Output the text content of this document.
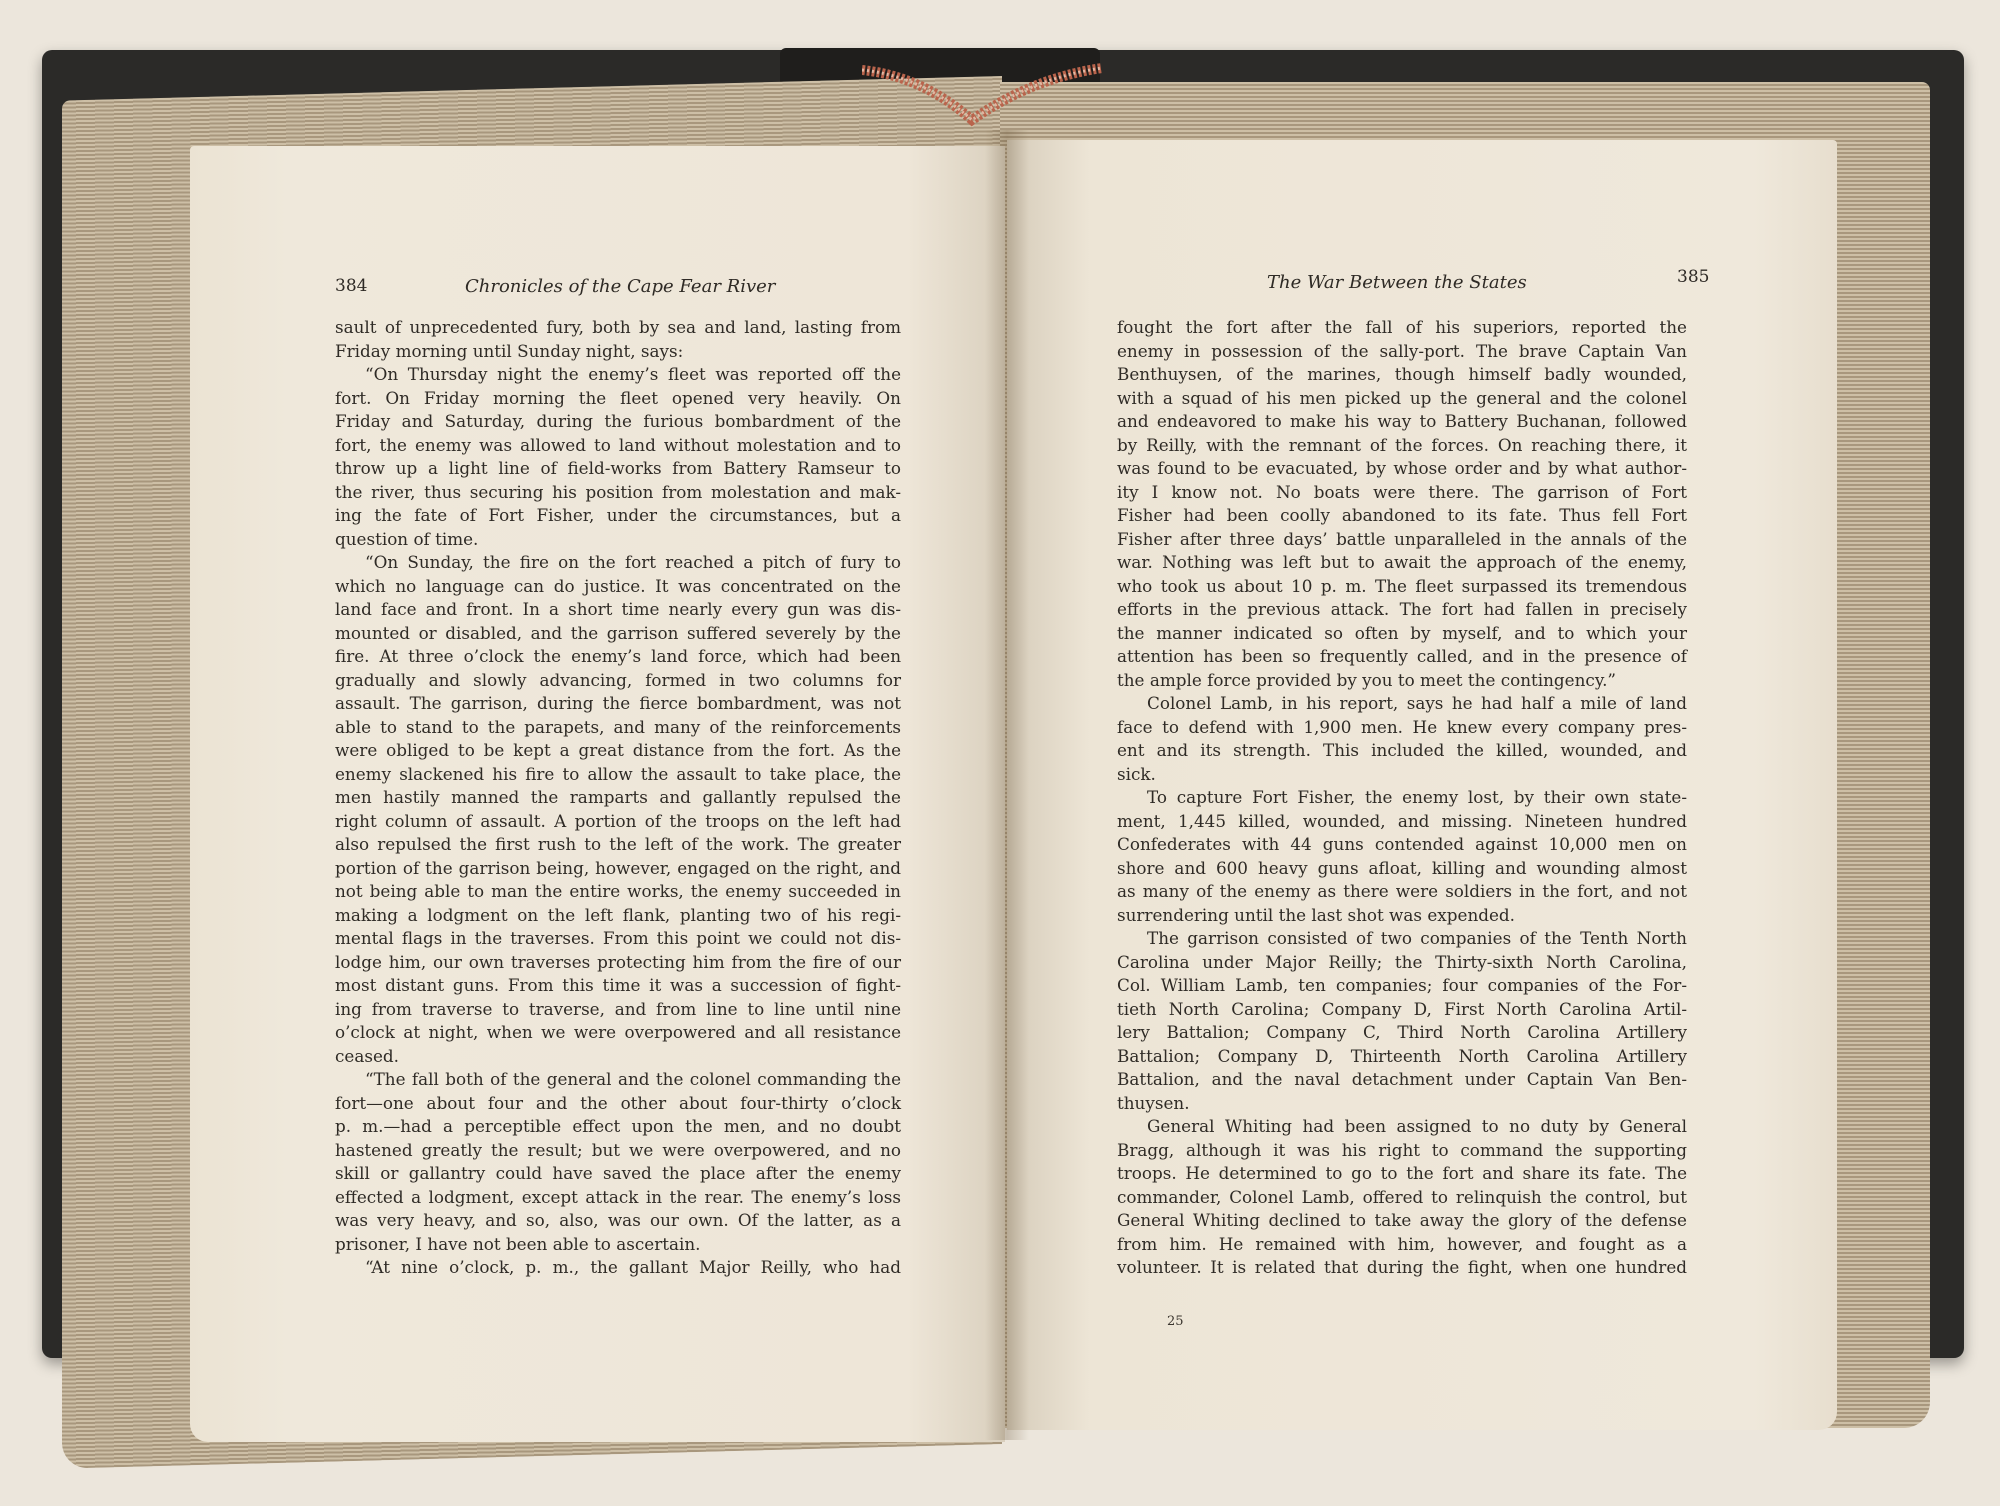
384	Chronicles of the Cape Fear River

sault of unprecedented fury, both by sea and land, lasting from

Friday morning until Sunday night, says:

“On Thursday night the enemy’s fleet was reported off the

fort. On Friday morning the fleet opened very heavily. On

Friday and Saturday, during the furious bombardment of the

fort, the enemy was allowed to land without molestation and to

throw up a light line of field-works from Battery Ramseur to

the river, thus securing his position from molestation and mak-

ing the fate of Fort Fisher, under the circumstances, but a

question of time.

“On Sunday, the fire on the fort reached a pitch of fury to

which no language can do justice. It was concentrated on the

land face and front. In a short time nearly every gun was dis-

mounted or disabled, and the garrison suffered severely by the

fire. At three o’clock the enemy’s land force, which had been

gradually and slowly advancing, formed in two columns for

assault. The garrison, during the fierce bombardment, was not

able to stand to the parapets, and many of the reinforcements

were obliged to be kept a great distance from the fort. As the

enemy slackened his fire to allow the assault to take place, the

men hastily manned the ramparts and gallantly repulsed the

right column of assault. A portion of the troops on the left had

also repulsed the first rush to the left of the work. The greater

portion of the garrison being, however, engaged on the right, and

not being able to man the entire works, the enemy succeeded in

making a lodgment on the left flank, planting two of his regi-

mental flags in the traverses. From this point we could not dis-

lodge him, our own traverses protecting him from the fire of our

most distant guns. From this time it was a succession of fight-

ing from traverse to traverse, and from line to line until nine

o’clock at night, when we were overpowered and all resistance

ceased.

“The fall both of the general and the colonel commanding the

fort—one about four and the other about four-thirty o’clock

p. m.—had a perceptible effect upon the men, and no doubt

hastened greatly the result; but we were overpowered, and no

skill or gallantry could have saved the place after the enemy

effected a lodgment, except attack in the rear. The enemy’s loss

was very heavy, and so, also, was our own. Of the latter, as a

prisoner, I have not been able to ascertain.

“At nine o’clock, p. m., the gallant Major Reilly, who had

The War Between the States	385

fought the fort after the fall of his superiors, reported the

enemy in possession of the sally-port. The brave Captain Van

Benthuysen, of the marines, though himself badly wounded,

with a squad of his men picked up the general and the colonel

and endeavored to make his way to Battery Buchanan, followed

by Reilly, with the remnant of the forces. On reaching there, it

was found to be evacuated, by whose order and by what author-

ity I know not. No boats were there. The garrison of Fort

Fisher had been coolly abandoned to its fate. Thus fell Fort

Fisher after three days’ battle unparalleled in the annals of the

war. Nothing was left but to await the approach of the enemy,

who took us about 10 p. m. The fleet surpassed its tremendous

efforts in the previous attack. The fort had fallen in precisely

the manner indicated so often by myself, and to which your

attention has been so frequently called, and in the presence of

the ample force provided by you to meet the contingency.”

Colonel Lamb, in his report, says he had half a mile of land

face to defend with 1,900 men. He knew every company pres-

ent and its strength. This included the killed, wounded, and

sick.

To capture Fort Fisher, the enemy lost, by their own state-

ment, 1,445 killed, wounded, and missing. Nineteen hundred

Confederates with 44 guns contended against 10,000 men on

shore and 600 heavy guns afloat, killing and wounding almost

as many of the enemy as there were soldiers in the fort, and not

surrendering until the last shot was expended.

The garrison consisted of two companies of the Tenth North

Carolina under Major Reilly; the Thirty-sixth North Carolina,

Col. William Lamb, ten companies; four companies of the For-

tieth North Carolina; Company D, First North Carolina Artil-

lery Battalion; Company C, Third North Carolina Artillery

Battalion; Company D, Thirteenth North Carolina Artillery

Battalion, and the naval detachment under Captain Van Ben-

thuysen.

General Whiting had been assigned to no duty by General

Bragg, although it was his right to command the supporting

troops. He determined to go to the fort and share its fate. The

commander, Colonel Lamb, offered to relinquish the control, but

General Whiting declined to take away the glory of the defense

from him. He remained with him, however, and fought as a

volunteer. It is related that during the fight, when one hundred

25
